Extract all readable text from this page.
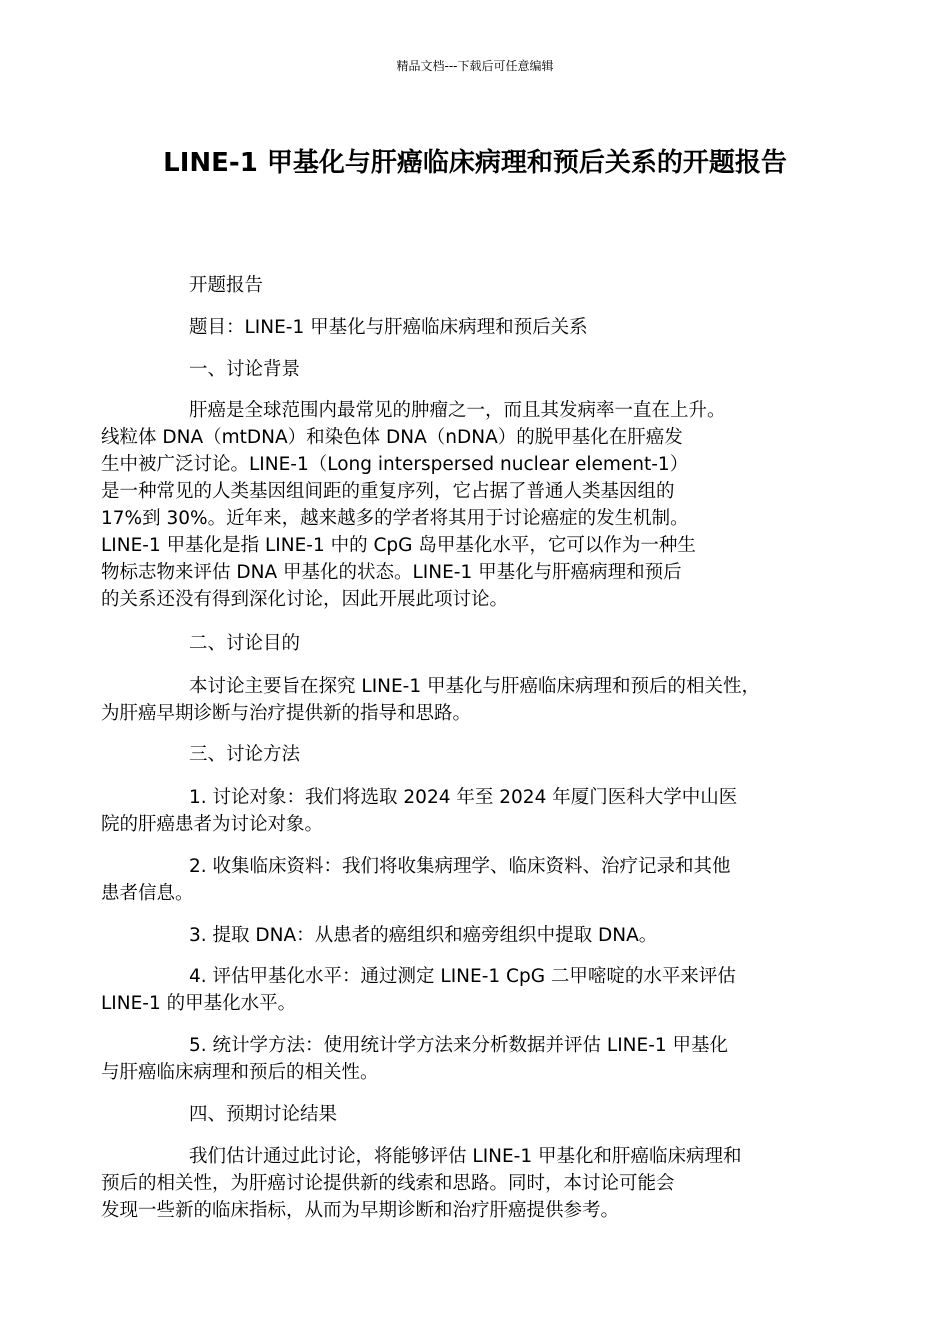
精品文档---下载后可任意编辑
LINE-1 甲基化与肝癌临床病理和预后关系的开题报告

开题报告

题目：LINE-1 甲基化与肝癌临床病理和预后关系

一、讨论背景

肝癌是全球范围内最常见的肿瘤之一，而且其发病率一直在上升。
线粒体 DNA（mtDNA）和染色体 DNA（nDNA）的脱甲基化在肝癌发
生中被广泛讨论。LINE-1（Long interspersed nuclear element-1）
是一种常见的人类基因组间距的重复序列，它占据了普通人类基因组的
17%到 30%。近年来，越来越多的学者将其用于讨论癌症的发生机制。
LINE-1 甲基化是指 LINE-1 中的 CpG 岛甲基化水平，它可以作为一种生
物标志物来评估 DNA 甲基化的状态。LINE-1 甲基化与肝癌病理和预后
的关系还没有得到深化讨论，因此开展此项讨论。

二、讨论目的

本讨论主要旨在探究 LINE-1 甲基化与肝癌临床病理和预后的相关性，
为肝癌早期诊断与治疗提供新的指导和思路。

三、讨论方法

1. 讨论对象：我们将选取 2024 年至 2024 年厦门医科大学中山医
院的肝癌患者为讨论对象。

2. 收集临床资料：我们将收集病理学、临床资料、治疗记录和其他
患者信息。

3. 提取 DNA：从患者的癌组织和癌旁组织中提取 DNA。

4. 评估甲基化水平：通过测定 LINE-1 CpG 二甲嘧啶的水平来评估
LINE-1 的甲基化水平。

5. 统计学方法：使用统计学方法来分析数据并评估 LINE-1 甲基化
与肝癌临床病理和预后的相关性。

四、预期讨论结果

我们估计通过此讨论，将能够评估 LINE-1 甲基化和肝癌临床病理和
预后的相关性，为肝癌讨论提供新的线索和思路。同时，本讨论可能会
发现一些新的临床指标，从而为早期诊断和治疗肝癌提供参考。
